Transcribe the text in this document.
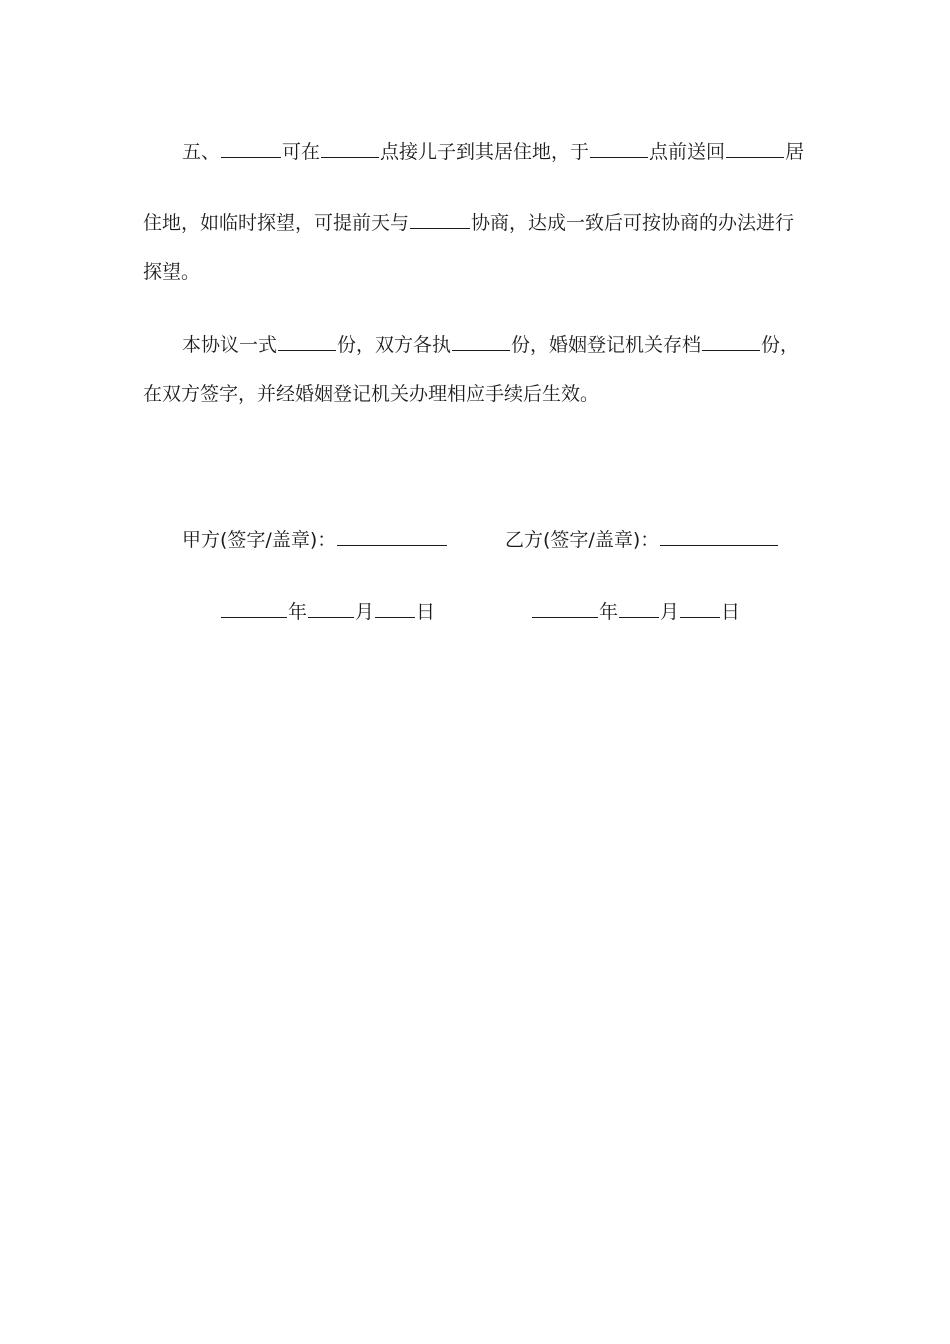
五、	可在	点接儿子到其居住地，于	点前送回	居
住地，如临时探望，可提前天与	协商，达成一致后可按协商的办法进行
探望。
本协议一式	份，双方各执	份，婚姻登记机关存档	份，
在双方签字，并经婚姻登记机关办理相应手续后生效。
甲方(签字/盖章)：	乙方(签字/盖章)：
年	月 日	年 月 日
